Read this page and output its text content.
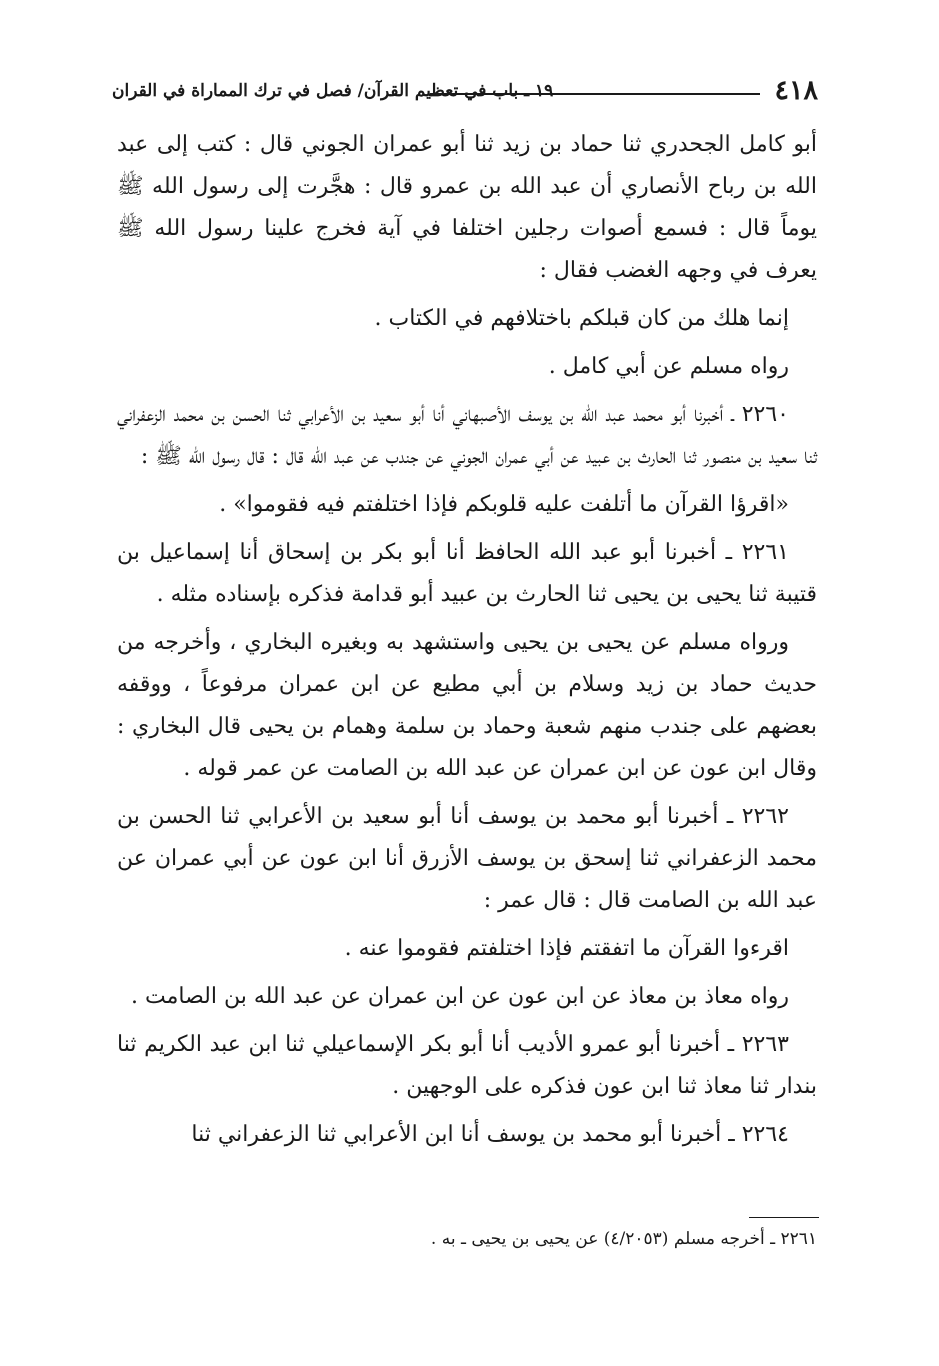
٤١٨
١٩ ـ باب في تعظيم القرآن/ فصل في ترك المماراة في القران

أبو كامل الجحدري ثنا حماد بن زيد ثنا أبو عمران الجوني قال : كتب إلى عبد الله بن رباح الأنصاري أن عبد الله بن عمرو قال : هجَّرت إلى رسول الله ﷺ يوماً قال : فسمع أصوات رجلين اختلفا في آية فخرج علينا رسول الله ﷺ يعرف في وجهه الغضب فقال :

إنما هلك من كان قبلكم باختلافهم في الكتاب .

رواه مسلم عن أبي كامل .

٢٢٦٠ ـ أخبرنا أبو محمد عبد الله بن يوسف الأصبهاني أنا أبو سعيد بن الأعرابي ثنا الحسن بن محمد الزعفراني ثنا سعيد بن منصور ثنا الحارث بن عبيد عن أبي عمران الجوني عن جندب عن عبد الله قال : قال رسول الله ﷺ :

«اقرؤا القرآن ما أتلفت عليه قلوبكم فإذا اختلفتم فيه فقوموا» .

٢٢٦١ ـ أخبرنا أبو عبد الله الحافظ أنا أبو بكر بن إسحاق أنا إسماعيل بن قتيبة ثنا يحيى بن يحيى ثنا الحارث بن عبيد أبو قدامة فذكره بإسناده مثله .

ورواه مسلم عن يحيى بن يحيى واستشهد به وبغيره البخاري ، وأخرجه من حديث حماد بن زيد وسلام بن أبي مطيع عن ابن عمران مرفوعاً ، ووقفه بعضهم على جندب منهم شعبة وحماد بن سلمة وهمام بن يحيى قال البخاري : وقال ابن عون عن ابن عمران عن عبد الله بن الصامت عن عمر قوله .

٢٢٦٢ ـ أخبرنا أبو محمد بن يوسف أنا أبو سعيد بن الأعرابي ثنا الحسن بن محمد الزعفراني ثنا إسحق بن يوسف الأزرق أنا ابن عون عن أبي عمران عن عبد الله بن الصامت قال : قال عمر :

اقرءوا القرآن ما اتفقتم فإذا اختلفتم فقوموا عنه .

رواه معاذ بن معاذ عن ابن عون عن ابن عمران عن عبد الله بن الصامت .

٢٢٦٣ ـ أخبرنا أبو عمرو الأديب أنا أبو بكر الإسماعيلي ثنا ابن عبد الكريم ثنا بندار ثنا معاذ ثنا ابن عون فذكره على الوجهين .

٢٢٦٤ ـ أخبرنا أبو محمد بن يوسف أنا ابن الأعرابي ثنا الزعفراني ثنا

٢٢٦١ ـ أخرجه مسلم (٤/٢٠٥٣) عن يحيى بن يحيى ـ به .
